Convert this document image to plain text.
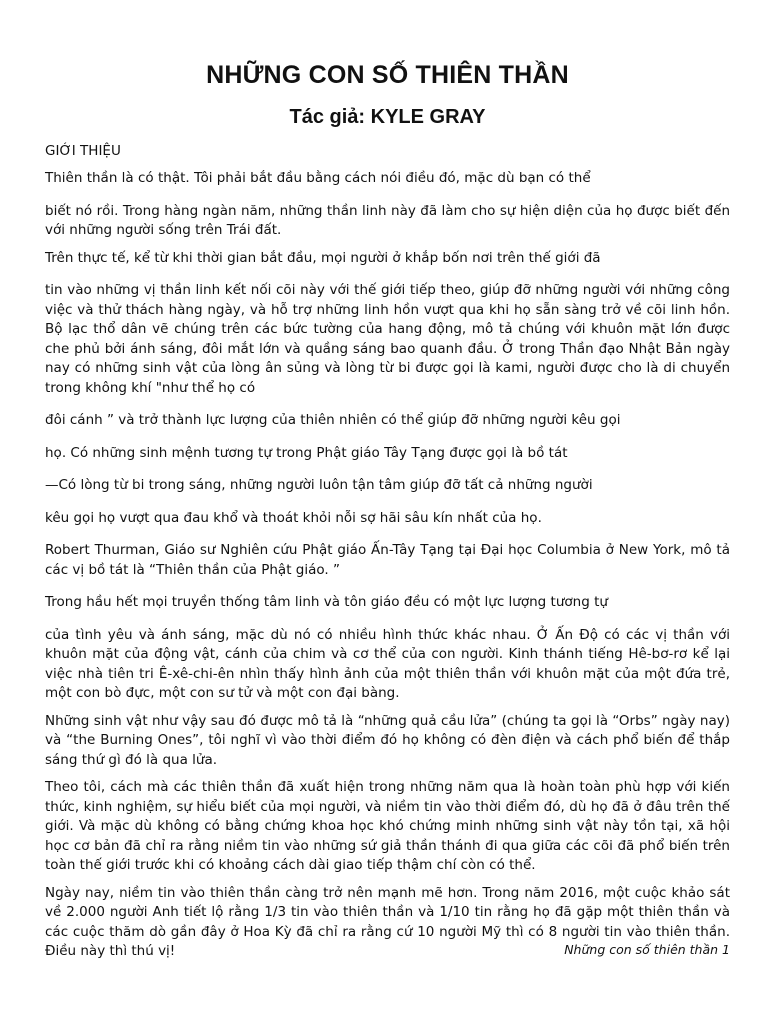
NHỮNG CON SỐ THIÊN THẦN
Tác giả: KYLE GRAY
GIỚI THIỆU

Thiên thần là có thật. Tôi phải bắt đầu bằng cách nói điều đó, mặc dù bạn có thể

biết nó rồi. Trong hàng ngàn năm, những thần linh này đã làm cho sự hiện diện của họ được biết đến với những người sống trên Trái đất.

Trên thực tế, kể từ khi thời gian bắt đầu, mọi người ở khắp bốn nơi trên thế giới đã

tin vào những vị thần linh kết nối cõi này với thế giới tiếp theo, giúp đỡ những người với những công việc và thử thách hàng ngày, và hỗ trợ những linh hồn vượt qua khi họ sẵn sàng trở về cõi linh hồn. Bộ lạc thổ dân vẽ chúng trên các bức tường của hang động, mô tả chúng với khuôn mặt lớn được che phủ bởi ánh sáng, đôi mắt lớn và quầng sáng bao quanh đầu. Ở trong Thần đạo Nhật Bản ngày nay có những sinh vật của lòng ân sủng và lòng từ bi được gọi là kami, người được cho là di chuyển trong không khí "như thể họ có

đôi cánh ” và trở thành lực lượng của thiên nhiên có thể giúp đỡ những người kêu gọi

họ. Có những sinh mệnh tương tự trong Phật giáo Tây Tạng được gọi là bồ tát

—Có lòng từ bi trong sáng, những người luôn tận tâm giúp đỡ tất cả những người

kêu gọi họ vượt qua đau khổ và thoát khỏi nỗi sợ hãi sâu kín nhất của họ.

Robert Thurman, Giáo sư Nghiên cứu Phật giáo Ấn-Tây Tạng tại Đại học Columbia ở New York, mô tả các vị bồ tát là “Thiên thần của Phật giáo. ”

Trong hầu hết mọi truyền thống tâm linh và tôn giáo đều có một lực lượng tương tự

của tình yêu và ánh sáng, mặc dù nó có nhiều hình thức khác nhau. Ở Ấn Độ có các vị thần với khuôn mặt của động vật, cánh của chim và cơ thể của con người. Kinh thánh tiếng Hê-bơ-rơ kể lại việc nhà tiên tri Ê-xê-chi-ên nhìn thấy hình ảnh của một thiên thần với khuôn mặt của một đứa trẻ, một con bò đực, một con sư tử và một con đại bàng.

Những sinh vật như vậy sau đó được mô tả là “những quả cầu lửa” (chúng ta gọi là “Orbs” ngày nay) và “the Burning Ones”, tôi nghĩ vì vào thời điểm đó họ không có đèn điện và cách phổ biến để thắp sáng thứ gì đó là qua lửa.

Theo tôi, cách mà các thiên thần đã xuất hiện trong những năm qua là hoàn toàn phù hợp với kiến thức, kinh nghiệm, sự hiểu biết của mọi người, và niềm tin vào thời điểm đó, dù họ đã ở đâu trên thế giới. Và mặc dù không có bằng chứng khoa học khó chứng minh những sinh vật này tồn tại, xã hội học cơ bản đã chỉ ra rằng niềm tin vào những sứ giả thần thánh đi qua giữa các cõi đã phổ biến trên toàn thế giới trước khi có khoảng cách dài giao tiếp thậm chí còn có thể.

Ngày nay, niềm tin vào thiên thần càng trở nên mạnh mẽ hơn. Trong năm 2016, một cuộc khảo sát về 2.000 người Anh tiết lộ rằng 1/3 tin vào thiên thần và 1/10 tin rằng họ đã gặp một thiên thần và các cuộc thăm dò gần đây ở Hoa Kỳ đã chỉ ra rằng cứ 10 người Mỹ thì có 8 người tin vào thiên thần. Điều này thì thú vị!	Những con số thiên thần 1
